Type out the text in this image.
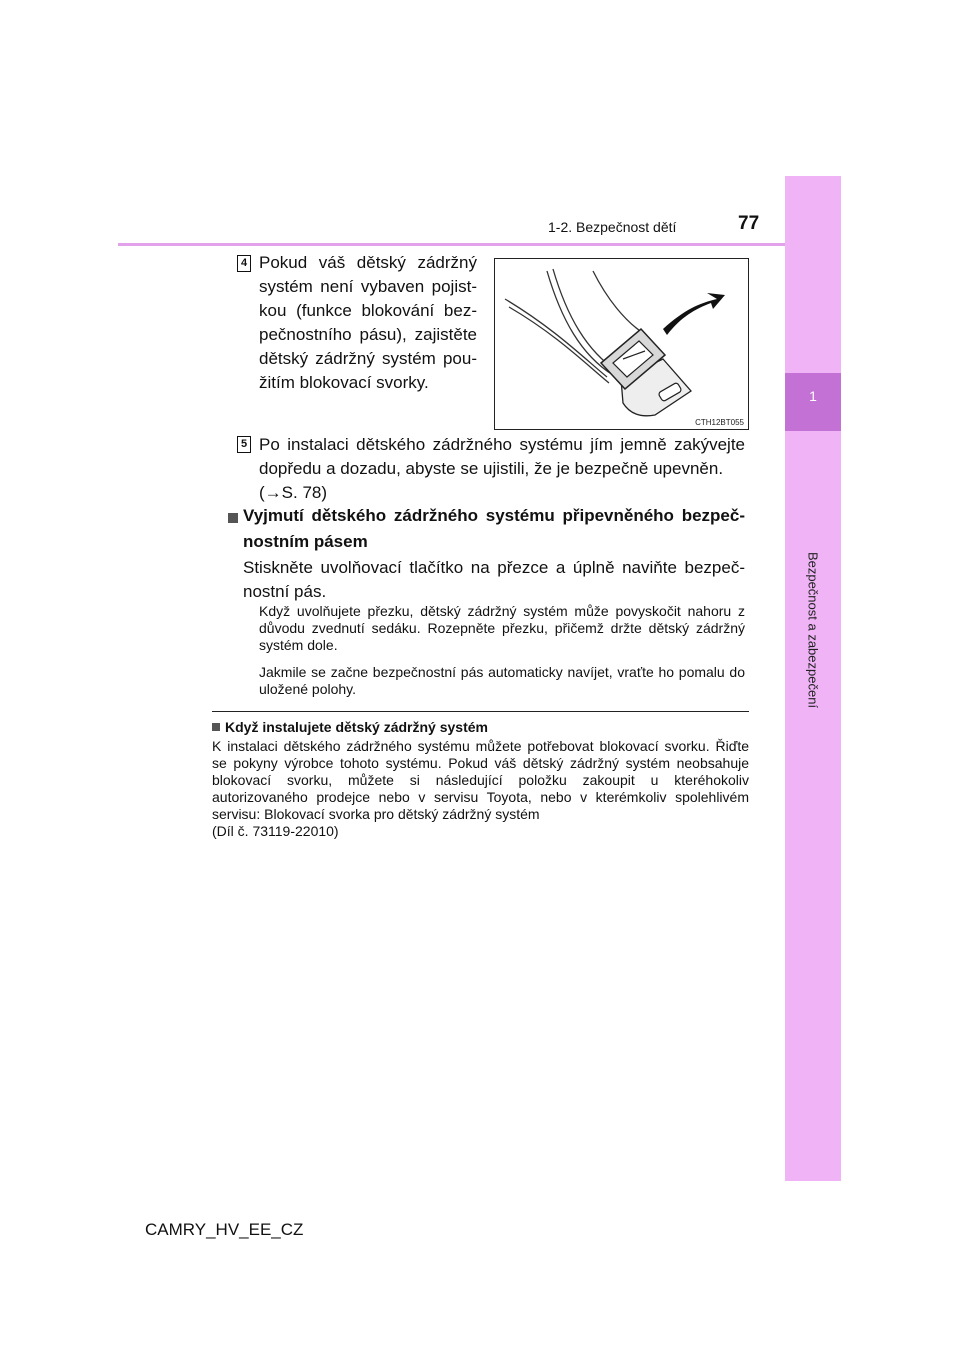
1
Bezpečnost a zabezpečení
1-2. Bezpečnost dětí	77
4 Pokud váš dětský zádržný systém není vybaven pojistkou (funkce blokování bezpečnostního pásu), zajistěte dětský zádržný systém použitím blokovací svorky.

CTH12BT055
5 Po instalaci dětského zádržného systému jím jemně zakývejte dopředu a dozadu, abyste se ujistili, že je bezpečně upevněn.

(→S. 78)

Vyjmutí dětského zádržného systému připevněného bezpečnostním pásem

Stiskněte uvolňovací tlačítko na přezce a úplně naviňte bezpečnostní pás.

Když uvolňujete přezku, dětský zádržný systém může povyskočit nahoru z důvodu zvednutí sedáku. Rozepněte přezku, přičemž držte dětský zádržný systém dole.

Jakmile se začne bezpečnostní pás automaticky navíjet, vraťte ho pomalu do uložené polohy.

Když instalujete dětský zádržný systém

K instalaci dětského zádržného systému můžete potřebovat blokovací svorku. Řiďte se pokyny výrobce tohoto systému. Pokud váš dětský zádržný systém neobsahuje blokovací svorku, můžete si následující položku zakoupit u kteréhokoliv autorizovaného prodejce nebo v servisu Toyota, nebo v kterémkoliv spolehlivém servisu: Blokovací svorka pro dětský zádržný systém
(Díl č. 73119-22010)

CAMRY_HV_EE_CZ
